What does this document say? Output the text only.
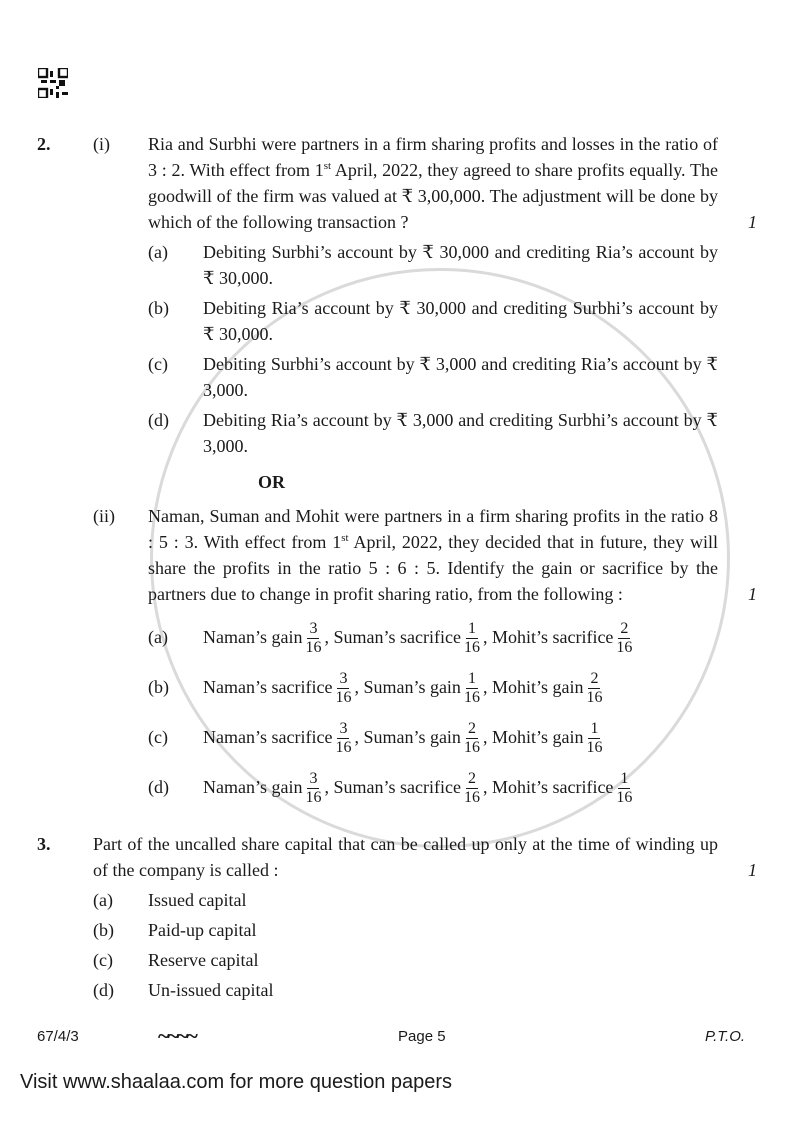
2.	(i)	Ria and Surbhi were partners in a firm sharing profits and losses in the ratio of 3 : 2. With effect from 1st April, 2022, they agreed to share profits equally. The goodwill of the firm was valued at ₹ 3,00,000. The adjustment will be done by which of the following transaction ?	1
(a)	Debiting Surbhi’s account by ₹ 30,000 and crediting Ria’s account by ₹ 30,000.
(b)	Debiting Ria’s account by ₹ 30,000 and crediting Surbhi’s account by ₹ 30,000.
(c)	Debiting Surbhi’s account by ₹ 3,000 and crediting Ria’s account by ₹ 3,000.
(d)	Debiting Ria’s account by ₹ 3,000 and crediting Surbhi’s account by ₹ 3,000.
OR
(ii)	Naman, Suman and Mohit were partners in a firm sharing profits in the ratio 8 : 5 : 3. With effect from 1st April, 2022, they decided that in future, they will share the profits in the ratio 5 : 6 : 5. Identify the gain or sacrifice by the partners due to change in profit sharing ratio, from the following :	1
(a)	Naman’s gain $\frac{3}{16}$ , Suman’s sacrifice $\frac{1}{16}$ , Mohit’s sacrifice $\frac{2}{16}$
(b)	Naman’s sacrifice $\frac{3}{16}$ , Suman’s gain $\frac{1}{16}$ , Mohit’s gain $\frac{2}{16}$
(c)	Naman’s sacrifice $\frac{3}{16}$ , Suman’s gain $\frac{2}{16}$ , Mohit’s gain $\frac{1}{16}$
(d)	Naman’s gain $\frac{3}{16}$ , Suman’s sacrifice $\frac{2}{16}$ , Mohit’s sacrifice $\frac{1}{16}$
3.	Part of the uncalled share capital that can be called up only at the time of winding up of the company is called :	1
(a)	Issued capital
(b)	Paid-up capital
(c)	Reserve capital
(d)	Un-issued capital
67/4/3	~~~~	Page 5	P.T.O.
Visit www.shaalaa.com for more question papers
